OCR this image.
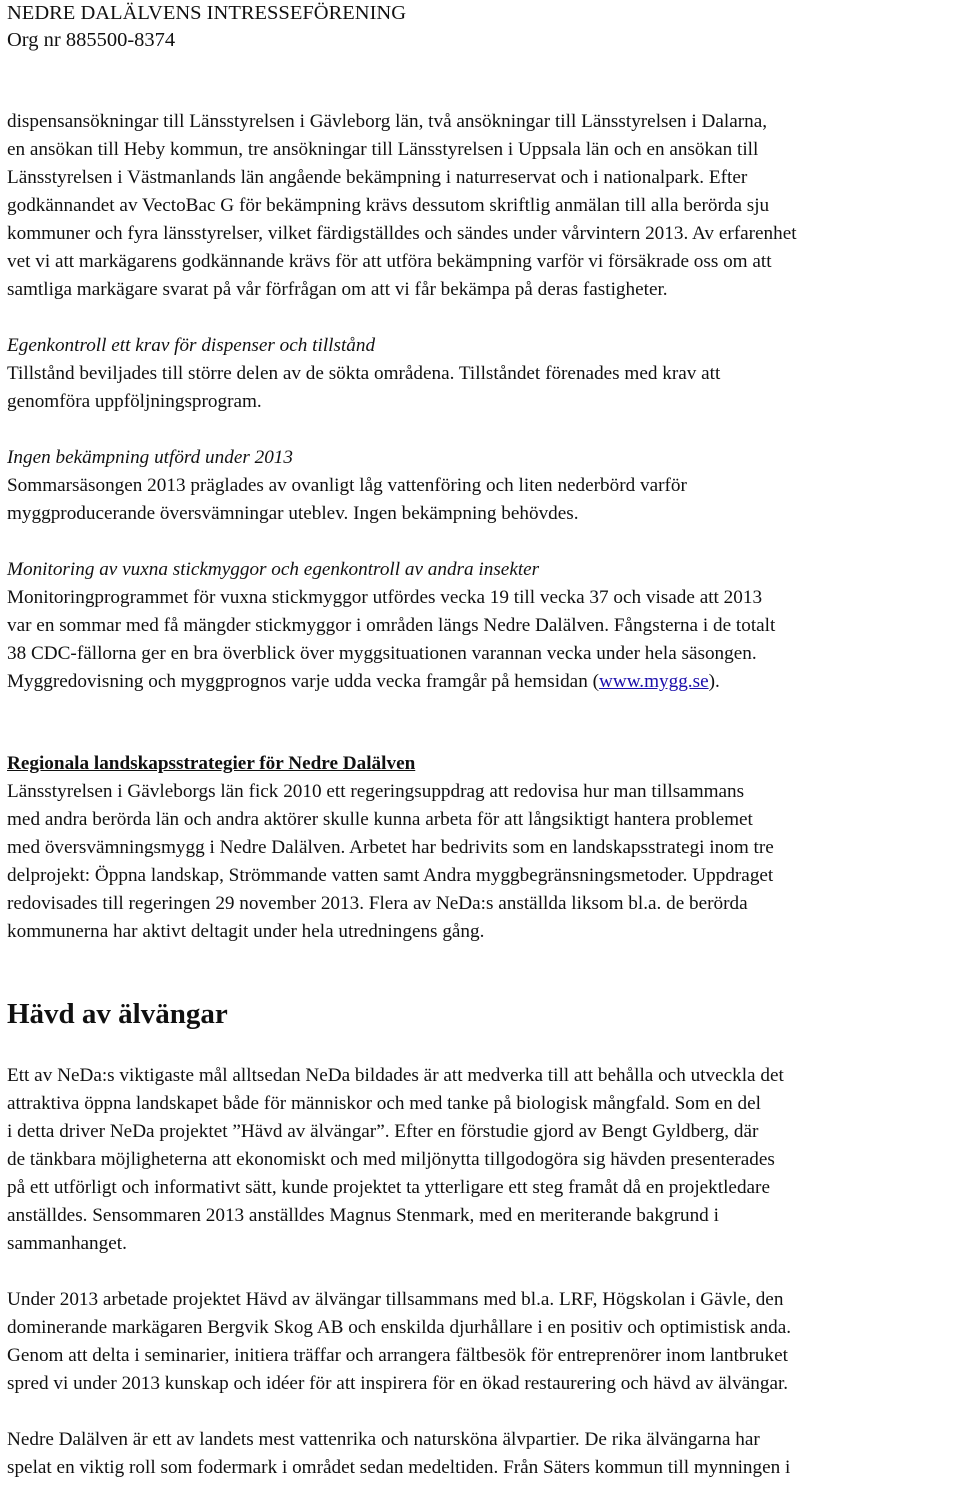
NEDRE DALÄLVENS INTRESSEFÖRENING
Org nr 885500-8374

dispensansökningar till Länsstyrelsen i Gävleborg län, två ansökningar till Länsstyrelsen i Dalarna,
en ansökan till Heby kommun, tre ansökningar till Länsstyrelsen i Uppsala län och en ansökan till
Länsstyrelsen i Västmanlands län angående bekämpning i naturreservat och i nationalpark. Efter
godkännandet av VectoBac G för bekämpning krävs dessutom skriftlig anmälan till alla berörda sju
kommuner och fyra länsstyrelser, vilket färdigställdes och sändes under vårvintern 2013. Av erfarenhet
vet vi att markägarens godkännande krävs för att utföra bekämpning varför vi försäkrade oss om att
samtliga markägare svarat på vår förfrågan om att vi får bekämpa på deras fastigheter.

Egenkontroll ett krav för dispenser och tillstånd
Tillstånd beviljades till större delen av de sökta områdena. Tillståndet förenades med krav att
genomföra uppföljningsprogram.

Ingen bekämpning utförd under 2013
Sommarsäsongen 2013 präglades av ovanligt låg vattenföring och liten nederbörd varför
myggproducerande översvämningar uteblev. Ingen bekämpning behövdes.

Monitoring av vuxna stickmyggor och egenkontroll av andra insekter
Monitoringprogrammet för vuxna stickmyggor utfördes vecka 19 till vecka 37 och visade att 2013
var en sommar med få mängder stickmyggor i områden längs Nedre Dalälven. Fångsterna i de totalt
38 CDC-fällorna ger en bra överblick över myggsituationen varannan vecka under hela säsongen.
Myggredovisning och myggprognos varje udda vecka framgår på hemsidan (www.mygg.se).

Regionala landskapsstrategier för Nedre Dalälven
Länsstyrelsen i Gävleborgs län fick 2010 ett regeringsuppdrag att redovisa hur man tillsammans
med andra berörda län och andra aktörer skulle kunna arbeta för att långsiktigt hantera problemet
med översvämningsmygg i Nedre Dalälven. Arbetet har bedrivits som en landskapsstrategi inom tre
delprojekt: Öppna landskap, Strömmande vatten samt Andra myggbegränsningsmetoder. Uppdraget
redovisades till regeringen 29 november 2013. Flera av NeDa:s anställda liksom bl.a. de berörda
kommunerna har aktivt deltagit under hela utredningens gång.

Hävd av älvängar

Ett av NeDa:s viktigaste mål alltsedan NeDa bildades är att medverka till att behålla och utveckla det
attraktiva öppna landskapet både för människor och med tanke på biologisk mångfald. Som en del
i detta driver NeDa projektet ”Hävd av älvängar”. Efter en förstudie gjord av Bengt Gyldberg, där
de tänkbara möjligheterna att ekonomiskt och med miljönytta tillgodogöra sig hävden presenterades
på ett utförligt och informativt sätt, kunde projektet ta ytterligare ett steg framåt då en projektledare
anställdes. Sensommaren 2013 anställdes Magnus Stenmark, med en meriterande bakgrund i
sammanhanget.

Under 2013 arbetade projektet Hävd av älvängar tillsammans med bl.a. LRF, Högskolan i Gävle, den
dominerande markägaren Bergvik Skog AB och enskilda djurhållare i en positiv och optimistisk anda.
Genom att delta i seminarier, initiera träffar och arrangera fältbesök för entreprenörer inom lantbruket
spred vi under 2013 kunskap och idéer för att inspirera för en ökad restaurering och hävd av älvängar.

Nedre Dalälven är ett av landets mest vattenrika och natursköna älvpartier. De rika älvängarna har
spelat en viktig roll som fodermark i området sedan medeltiden. Från Säters kommun till mynningen i
